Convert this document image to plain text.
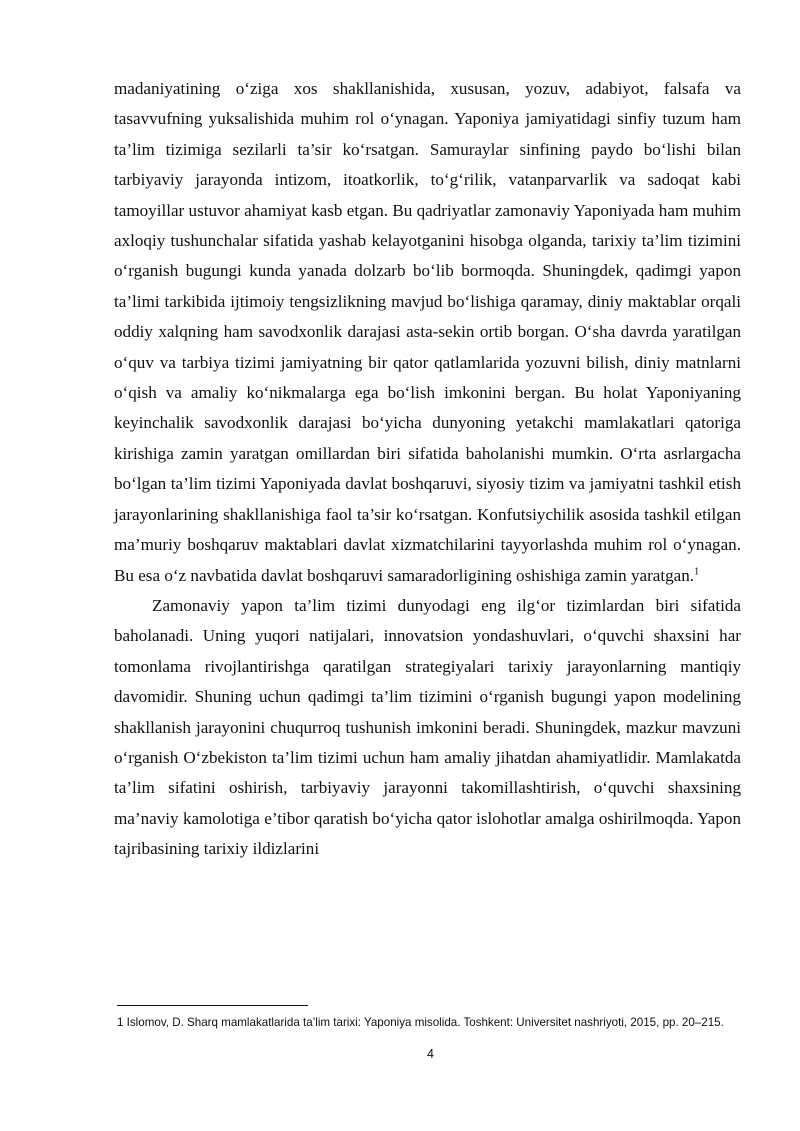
madaniyatining o‘ziga xos shakllanishida, xususan, yozuv, adabiyot, falsafa va tasavvufning yuksalishida muhim rol o‘ynagan. Yaponiya jamiyatidagi sinfiy tuzum ham ta’lim tizimiga sezilarli ta’sir ko‘rsatgan. Samuraylar sinfining paydo bo‘lishi bilan tarbiyaviy jarayonda intizom, itoatkorlik, to‘g‘rilik, vatanparvarlik va sadoqat kabi tamoyillar ustuvor ahamiyat kasb etgan. Bu qadriyatlar zamonaviy Yaponiyada ham muhim axloqiy tushunchalar sifatida yashab kelayotganini hisobga olganda, tarixiy ta’lim tizimini o‘rganish bugungi kunda yanada dolzarb bo‘lib bormoqda. Shuningdek, qadimgi yapon ta’limi tarkibida ijtimoiy tengsizlikning mavjud bo‘lishiga qaramay, diniy maktablar orqali oddiy xalqning ham savodxonlik darajasi asta-sekin ortib borgan. O‘sha davrda yaratilgan o‘quv va tarbiya tizimi jamiyatning bir qator qatlamlarida yozuvni bilish, diniy matnlarni o‘qish va amaliy ko‘nikmalarga ega bo‘lish imkonini bergan. Bu holat Yaponiyaning keyinchalik savodxonlik darajasi bo‘yicha dunyoning yetakchi mamlakatlari qatoriga kirishiga zamin yaratgan omillardan biri sifatida baholanishi mumkin. O‘rta asrlargacha bo‘lgan ta’lim tizimi Yaponiyada davlat boshqaruvi, siyosiy tizim va jamiyatni tashkil etish jarayonlarining shakllanishiga faol ta’sir ko‘rsatgan. Konfutsiychilik asosida tashkil etilgan ma’muriy boshqaruv maktablari davlat xizmatchilarini tayyorlashda muhim rol o‘ynagan. Bu esa o‘z navbatida davlat boshqaruvi samaradorligining oshishiga zamin yaratgan.$^1$

Zamonaviy yapon ta’lim tizimi dunyodagi eng ilg‘or tizimlardan biri sifatida baholanadi. Uning yuqori natijalari, innovatsion yondashuvlari, o‘quvchi shaxsini har tomonlama rivojlantirishga qaratilgan strategiyalari tarixiy jarayonlarning mantiqiy davomidir. Shuning uchun qadimgi ta’lim tizimini o‘rganish bugungi yapon modelining shakllanish jarayonini chuqurroq tushunish imkonini beradi. Shuningdek, mazkur mavzuni o‘rganish O‘zbekiston ta’lim tizimi uchun ham amaliy jihatdan ahamiyatlidir. Mamlakatda ta’lim sifatini oshirish, tarbiyaviy jarayonni takomillashtirish, o‘quvchi shaxsining ma’naviy kamolotiga e’tibor qaratish bo‘yicha qator islohotlar amalga oshirilmoqda. Yapon tajribasining tarixiy ildizlarini

1 Islomov, D. Sharq mamlakatlarida ta’lim tarixi: Yaponiya misolida. Toshkent: Universitet nashriyoti, 2015, pp. 20–215.
4
